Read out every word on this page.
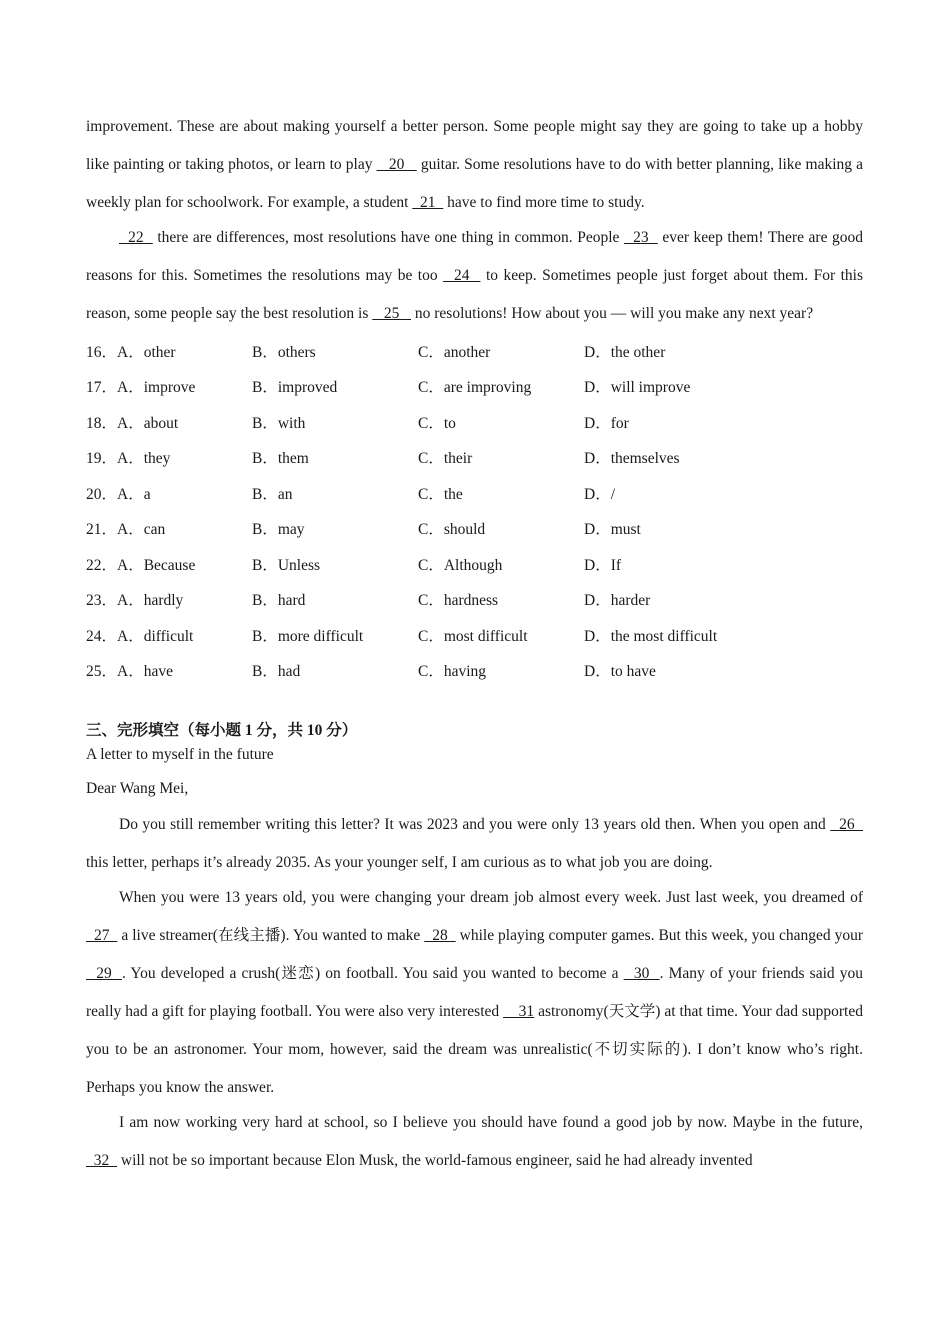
improvement. These are about making yourself a better person. Some people might say they are going to take up a hobby like painting or taking photos, or learn to play    20    guitar. Some resolutions have to do with better planning, like making a weekly plan for schoolwork. For example, a student   21   have to find more time to study.

22   there are differences, most resolutions have one thing in common. People   23   ever keep them! There are good reasons for this. Sometimes the resolutions may be too   24   to keep. Sometimes people just forget about them. For this reason, some people say the best resolution is    25    no resolutions! How about you — will you make any next year?

16．A．other	B．others	C．another	D．the other
17．A．improve	B．improved	C．are improving	D．will improve
18．A．about	B．with	C．to	D．for
19．A．they	B．them	C．their	D．themselves
20．A．a	B．an	C．the	D．/
21．A．can	B．may	C．should	D．must
22．A．Because	B．Unless	C．Although	D．If
23．A．hardly	B．hard	C．hardness	D．harder
24．A．difficult	B．more difficult	C．most difficult	D．the most difficult
25．A．have	B．had	C．having	D．to have
三、完形填空（每小题 1 分，共 10 分）

A letter to myself in the future

Dear Wang Mei,

Do you still remember writing this letter? It was 2023 and you were only 13 years old then. When you open and   26   this letter, perhaps it’s already 2035. As your younger self, I am curious as to what job you are doing.

When you were 13 years old, you were changing your dream job almost every week. Just last week, you dreamed of   27   a live streamer(在线主播). You wanted to make   28   while playing computer games. But this week, you changed your   29  . You developed a crush(迷恋) on football. You said you wanted to become a   30  . Many of your friends said you really had a gift for playing football. You were also very interested     31 astronomy(天文学) at that time. Your dad supported you to be an astronomer. Your mom, however, said the dream was unrealistic(不切实际的). I don’t know who’s right. Perhaps you know the answer.

I am now working very hard at school, so I believe you should have found a good job by now. Maybe in the future,   32   will not be so important because Elon Musk, the world-famous engineer, said he had already invented
